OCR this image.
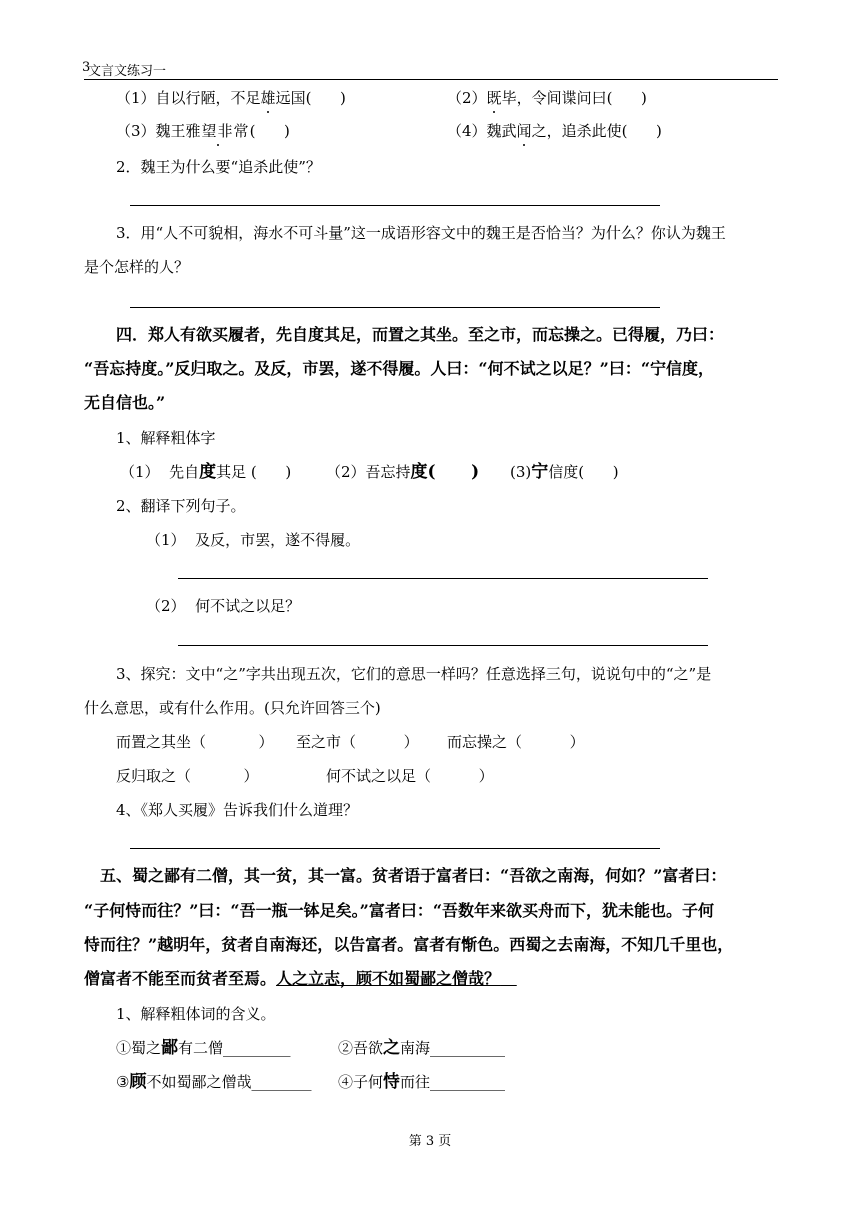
3
文言文练习一
（1）自以行陋，不足雄远国(      )	（2）既毕，令间谍问曰(      )
（3）魏王雅望非常(      )	（4）魏武闻之，追杀此使(      )
2．魏王为什么要“追杀此使”？
3．用“人不可貌相，海水不可斗量”这一成语形容文中的魏王是否恰当？为什么？你认为魏王
是个怎样的人？
四．郑人有欲买履者，先自度其足，而置之其坐。至之市，而忘操之。已得履，乃曰：
“吾忘持度。”反归取之。及反，市罢，遂不得履。人曰：“何不试之以足？”曰：“宁信度，
无自信也。”
1、解释粗体字
（1）  先自度其足 (      ) （2）吾忘持度(      ) (3)宁信度(      )
2、翻译下列句子。
（1）  及反，市罢，遂不得履。
（2）  何不试之以足？
3、探究：文中“之”字共出现五次，它们的意思一样吗？任意选择三句，说说句中的“之”是
什么意思，或有什么作用。(只允许回答三个)
而置之其坐（           ） 至之市（          ） 而忘操之（          ）
反归取之（           ）	何不试之以足（          ）
4、《郑人买履》告诉我们什么道理？
五、蜀之鄙有二僧，其一贫，其一富。贫者语于富者曰：“吾欲之南海，何如？”富者曰：
“子何恃而往？”曰：“吾一瓶一钵足矣。”富者曰：“吾数年来欲买舟而下，犹未能也。子何
恃而往？”越明年，贫者自南海还，以告富者。富者有惭色。西蜀之去南海，不知几千里也，
僧富者不能至而贫者至焉。人之立志，顾不如蜀鄙之僧哉？
1、解释粗体词的含义。
①蜀之鄙有二僧_________	②吾欲之南海__________
③顾不如蜀鄙之僧哉________ ④子何恃而往__________
第 3 页
